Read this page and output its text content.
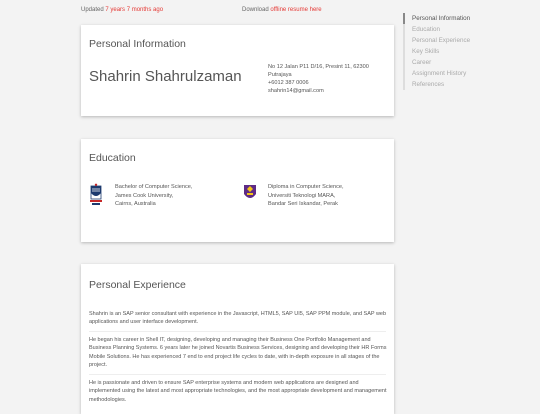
Updated 7 years 7 months ago	Download offline resume here
Personal Information
Shahrin Shahrulzaman
No 12 Jalan P11 D/16, Presint 11, 62300
Putrajaya
+6012 387 0006
shahrin14@gmail.com
Education
Bachelor of Computer Science,
James Cook University,
Cairns, Australia
Diploma in Computer Science,
Universiti Teknologi MARA,
Bandar Seri Iskandar, Perak
Personal Experience

Shahrin is an SAP senior consultant with experience in the Javascript, HTML5, SAP UI5, SAP PPM module, and SAP web applications and user interface development.

He began his career in Shell IT, designing, developing and managing their Business One Portfolio Management and Business Planning Systems. 6 years later he joined Novartis Business Services, designing and developing their HR Forms Mobile Solutions. He has experienced 7 end to end project life cycles to date, with in-depth exposure in all stages of the project.

He is passionate and driven to ensure SAP enterprise systems and modern web applications are designed and implemented using the latest and most appropriate technologies, and the most appropriate development and management methodologies.

Personal Information
Education
Personal Experience
Key Skills
Career
Assignment History
References
